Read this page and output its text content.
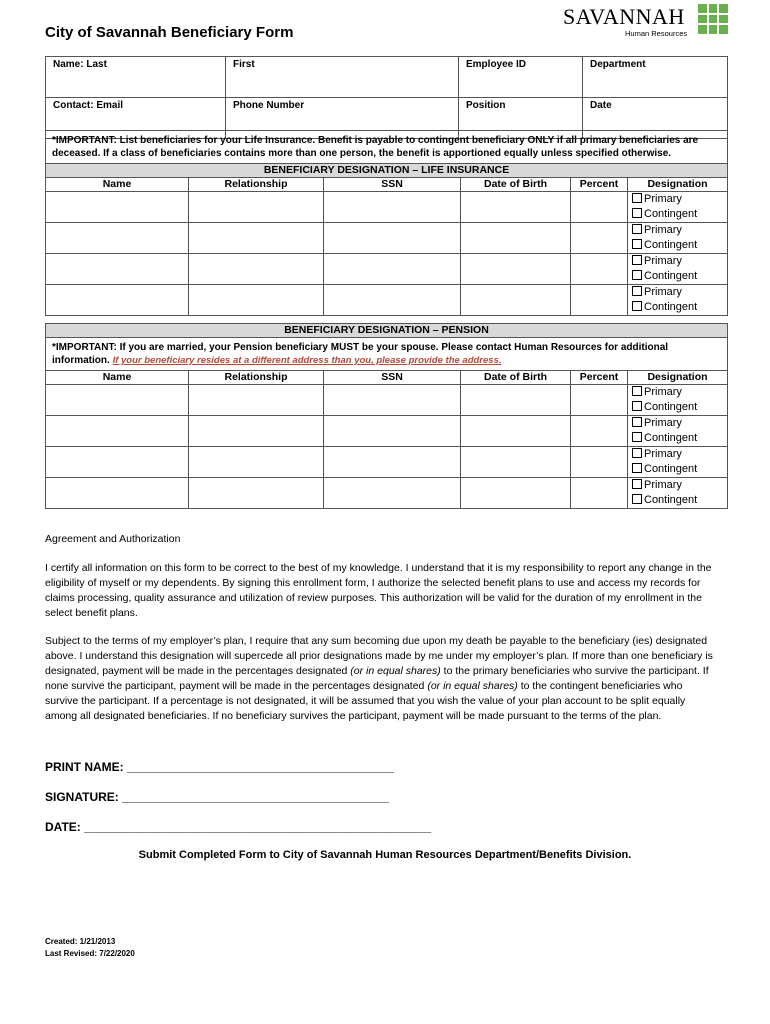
City of Savannah Beneficiary Form
SAVANNAH
Human Resources
Name: Last	First	Employee ID	Department
Contact: Email	Phone Number	Position	Date
*IMPORTANT: List beneficiaries for your Life Insurance. Benefit is payable to contingent beneficiary ONLY if all primary beneficiaries are deceased. If a class of beneficiaries contains more than one person, the benefit is apportioned equally unless specified otherwise.					
BENEFICIARY DESIGNATION – LIFE INSURANCE					
Name	Relationship	SSN	Date of Birth	Percent	Designation

					Primary
Contingent

					Primary
Contingent

					Primary
Contingent

					Primary
Contingent
BENEFICIARY DESIGNATION – PENSION					
*IMPORTANT: If you are married, your Pension beneficiary MUST be your spouse. Please contact Human Resources for additional information. If your beneficiary resides at a different address than you, please provide the address.					
Name	Relationship	SSN	Date of Birth	Percent	Designation

					Primary
Contingent

					Primary
Contingent

					Primary
Contingent

					Primary
Contingent
Agreement and Authorization
I certify all information on this form to be correct to the best of my knowledge. I understand that it is my responsibility to report any change in the eligibility of myself or my dependents. By signing this enrollment form, I authorize the selected benefit plans to use and access my records for claims processing, quality assurance and utilization of review purposes. This authorization will be valid for the duration of my enrollment in the select benefit plans.
Subject to the terms of my employer’s plan, I require that any sum becoming due upon my death be payable to the beneficiary (ies) designated above. I understand this designation will supercede all prior designations made by me under my employer’s plan. If more than one beneficiary is designated, payment will be made in the percentages designated (or in equal shares) to the primary beneficiaries who survive the participant. If none survive the participant, payment will be made in the percentages designated (or in equal shares) to the contingent beneficiaries who survive the participant. If a percentage is not designated, it will be assumed that you wish the value of your plan account to be split equally among all designated beneficiaries. If no beneficiary survives the participant, payment will be made pursuant to the terms of the plan.
PRINT NAME: ________________________________________
SIGNATURE: ________________________________________
DATE: ____________________________________________________
Submit Completed Form to City of Savannah Human Resources Department/Benefits Division.
Created: 1/21/2013
Last Revised: 7/22/2020
